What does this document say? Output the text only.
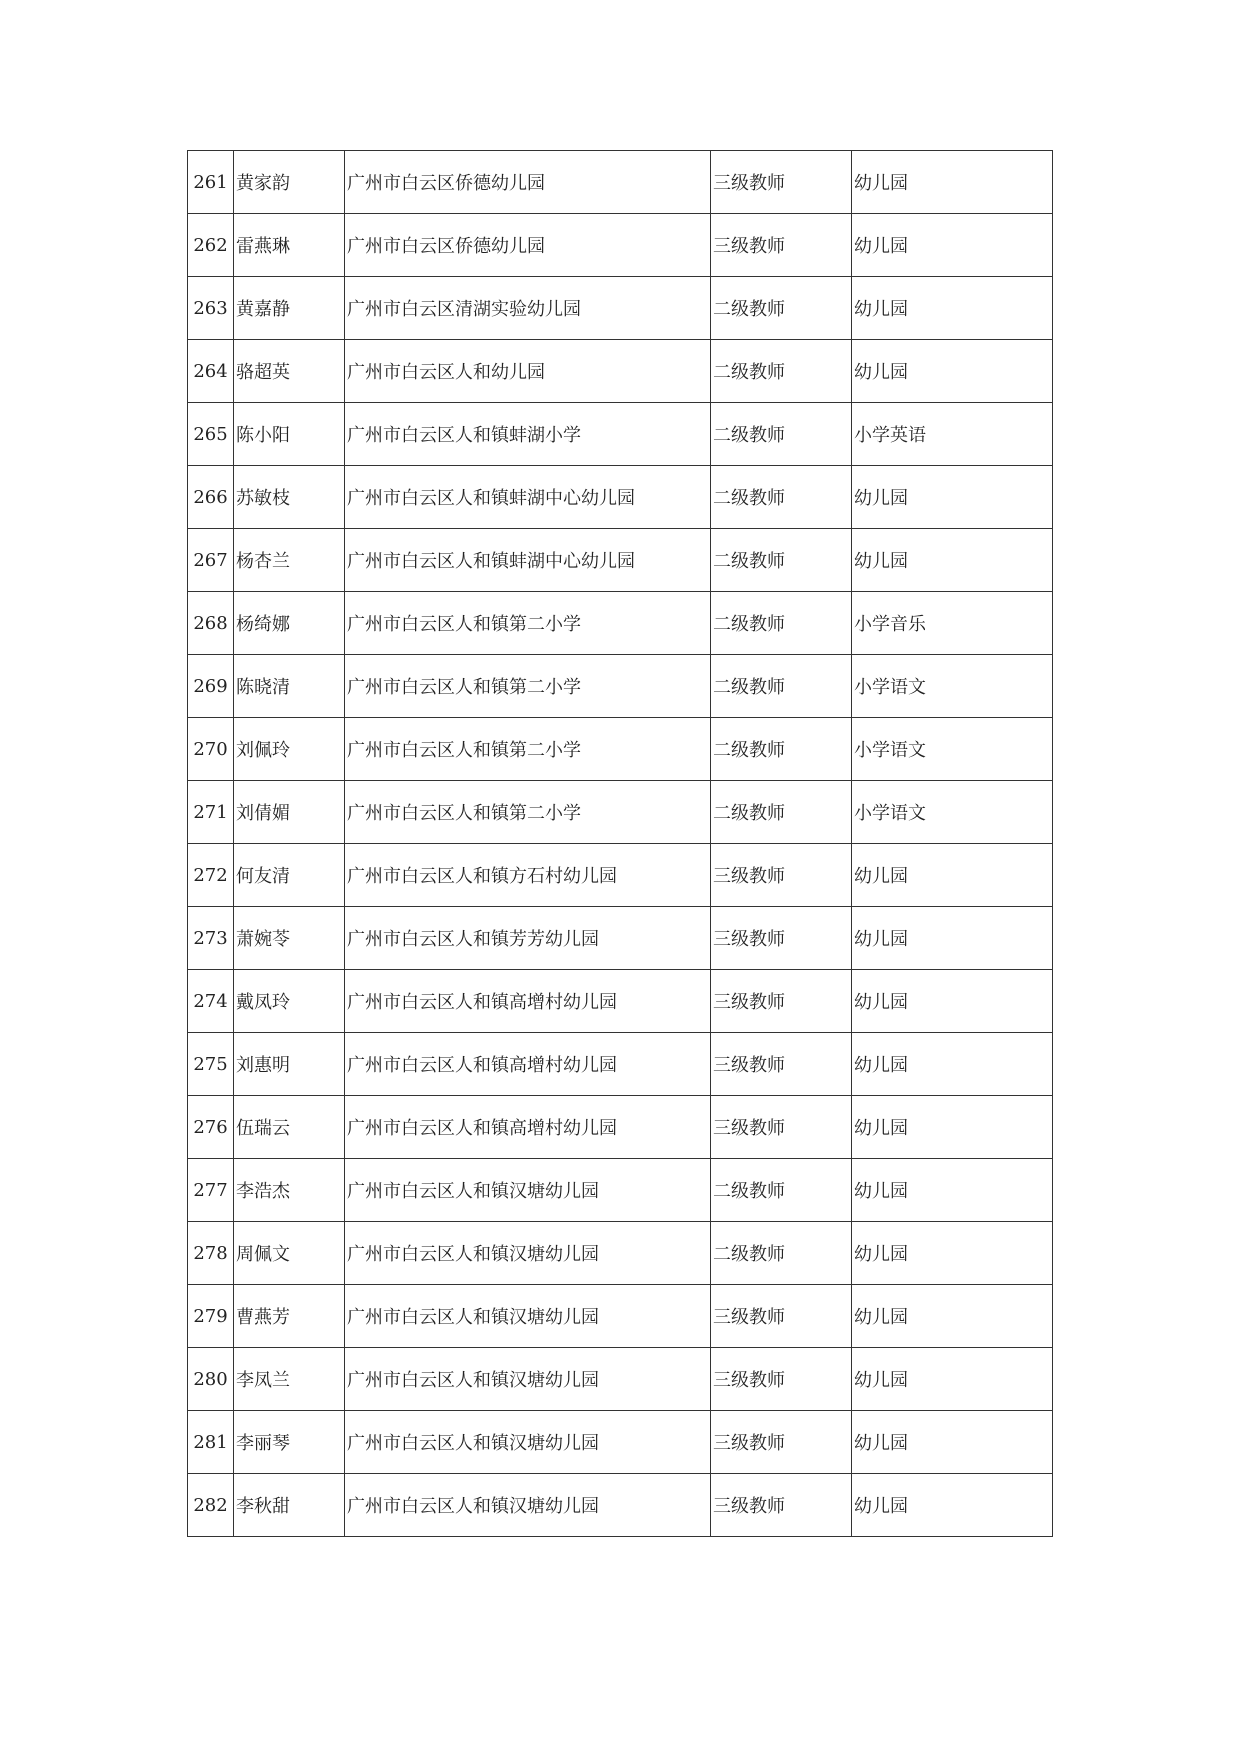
261	黄家韵	广州市白云区侨德幼儿园	三级教师	幼儿园
262	雷燕琳	广州市白云区侨德幼儿园	三级教师	幼儿园
263	黄嘉静	广州市白云区清湖实验幼儿园	二级教师	幼儿园
264	骆超英	广州市白云区人和幼儿园	二级教师	幼儿园
265	陈小阳	广州市白云区人和镇蚌湖小学	二级教师	小学英语
266	苏敏枝	广州市白云区人和镇蚌湖中心幼儿园	二级教师	幼儿园
267	杨杏兰	广州市白云区人和镇蚌湖中心幼儿园	二级教师	幼儿园
268	杨绮娜	广州市白云区人和镇第二小学	二级教师	小学音乐
269	陈晓清	广州市白云区人和镇第二小学	二级教师	小学语文
270	刘佩玲	广州市白云区人和镇第二小学	二级教师	小学语文
271	刘倩媚	广州市白云区人和镇第二小学	二级教师	小学语文
272	何友清	广州市白云区人和镇方石村幼儿园	三级教师	幼儿园
273	萧婉苓	广州市白云区人和镇芳芳幼儿园	三级教师	幼儿园
274	戴凤玲	广州市白云区人和镇高增村幼儿园	三级教师	幼儿园
275	刘惠明	广州市白云区人和镇高增村幼儿园	三级教师	幼儿园
276	伍瑞云	广州市白云区人和镇高增村幼儿园	三级教师	幼儿园
277	李浩杰	广州市白云区人和镇汉塘幼儿园	二级教师	幼儿园
278	周佩文	广州市白云区人和镇汉塘幼儿园	二级教师	幼儿园
279	曹燕芳	广州市白云区人和镇汉塘幼儿园	三级教师	幼儿园
280	李凤兰	广州市白云区人和镇汉塘幼儿园	三级教师	幼儿园
281	李丽琴	广州市白云区人和镇汉塘幼儿园	三级教师	幼儿园
282	李秋甜	广州市白云区人和镇汉塘幼儿园	三级教师	幼儿园
